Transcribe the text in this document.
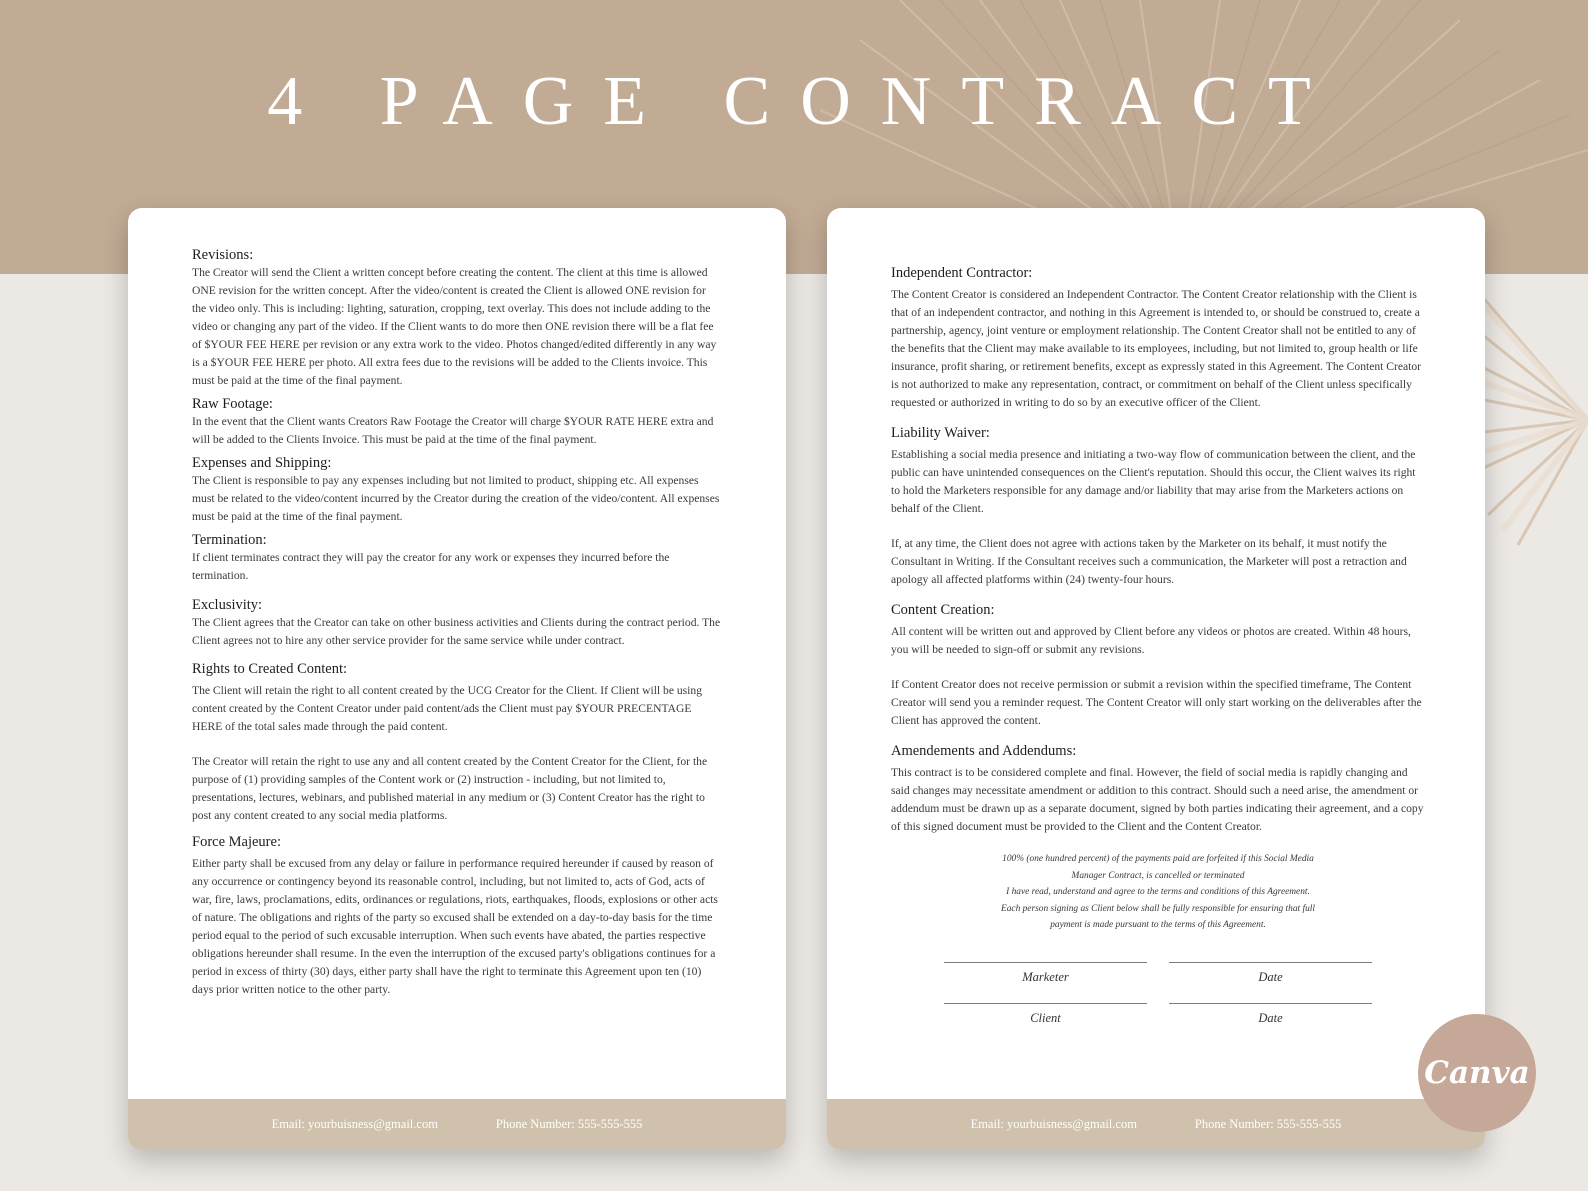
4 PAGE CONTRACT
Revisions:

The Creator will send the Client a written concept before creating the content. The client at this time is allowed ONE revision for the written concept. After the video/content is created the Client is allowed ONE revision for the video only. This is including: lighting, saturation, cropping, text overlay. This does not include adding to the video or changing any part of the video. If the Client wants to do more then ONE revision there will be a flat fee of $YOUR FEE HERE per revision or any extra work to the video. Photos changed/edited differently in any way is a $YOUR FEE HERE per photo. All extra fees due to the revisions will be added to the Clients invoice. This must be paid at the time of the final payment.

Raw Footage:

In the event that the Client wants Creators Raw Footage the Creator will charge $YOUR RATE HERE extra and will be added to the Clients Invoice. This must be paid at the time of the final payment.

Expenses and Shipping:

The Client is responsible to pay any expenses including but not limited to product, shipping etc. All expenses must be related to the video/content incurred by the Creator during the creation of the video/content. All expenses must be paid at the time of the final payment.

Termination:

If client terminates contract they will pay the creator for any work or expenses they incurred before the termination.

Exclusivity:

The Client agrees that the Creator can take on other business activities and Clients during the contract period. The Client agrees not to hire any other service provider for the same service while under contract.

Rights to Created Content:

The Client will retain the right to all content created by the UCG Creator for the Client. If Client will be using content created by the Content Creator under paid content/ads the Client must pay $YOUR PRECENTAGE HERE of the total sales made through the paid content.

The Creator will retain the right to use any and all content created by the Content Creator for the Client, for the purpose of (1) providing samples of the Content work or (2) instruction - including, but not limited to, presentations, lectures, webinars, and published material in any medium or (3) Content Creator has the right to post any content created to any social media platforms.

Force Majeure:

Either party shall be excused from any delay or failure in performance required hereunder if caused by reason of any occurrence or contingency beyond its reasonable control, including, but not limited to, acts of God, acts of war, fire, laws, proclamations, edits, ordinances or regulations, riots, earthquakes, floods, explosions or other acts of nature. The obligations and rights of the party so excused shall be extended on a day-to-day basis for the time period equal to the period of such excusable interruption. When such events have abated, the parties respective obligations hereunder shall resume. In the even the interruption of the excused party's obligations continues for a period in excess of thirty (30) days, either party shall have the right to terminate this Agreement upon ten (10) days prior written notice to the other party.

Email: yourbuisness@gmail.com	Phone Number: 555-555-555
Independent Contractor:

The Content Creator is considered an Independent Contractor. The Content Creator relationship with the Client is that of an independent contractor, and nothing in this Agreement is intended to, or should be construed to, create a partnership, agency, joint venture or employment relationship. The Content Creator shall not be entitled to any of the benefits that the Client may make available to its employees, including, but not limited to, group health or life insurance, profit sharing, or retirement benefits, except as expressly stated in this Agreement. The Content Creator is not authorized to make any representation, contract, or commitment on behalf of the Client unless specifically requested or authorized in writing to do so by an executive officer of the Client.

Liability Waiver:

Establishing a social media presence and initiating a two-way flow of communication between the client, and the public can have unintended consequences on the Client's reputation. Should this occur, the Client waives its right to hold the Marketers responsible for any damage and/or liability that may arise from the Marketers actions on behalf of the Client.

If, at any time, the Client does not agree with actions taken by the Marketer on its behalf, it must notify the Consultant in Writing. If the Consultant receives such a communication, the Marketer will post a retraction and apology all affected platforms within (24) twenty-four hours.

Content Creation:

All content will be written out and approved by Client before any videos or photos are created. Within 48 hours, you will be needed to sign-off or submit any revisions.

If Content Creator does not receive permission or submit a revision within the specified timeframe, The Content Creator will send you a reminder request. The Content Creator will only start working on the deliverables after the Client has approved the content.

Amendements and Addendums:

This contract is to be considered complete and final. However, the field of social media is rapidly changing and said changes may necessitate amendment or addition to this contract. Should such a need arise, the amendment or addendum must be drawn up as a separate document, signed by both parties indicating their agreement, and a copy of this signed document must be provided to the Client and the Content Creator.

100% (one hundred percent) of the payments paid are forfeited if this Social Media
Manager Contract, is cancelled or terminated
I have read, understand and agree to the terms and conditions of this Agreement.
Each person signing as Client below shall be fully responsible for ensuring that full
payment is made pursuant to the terms of this Agreement.
Marketer	Date
Client	Date
Email: yourbuisness@gmail.com	Phone Number: 555-555-555
Canva
